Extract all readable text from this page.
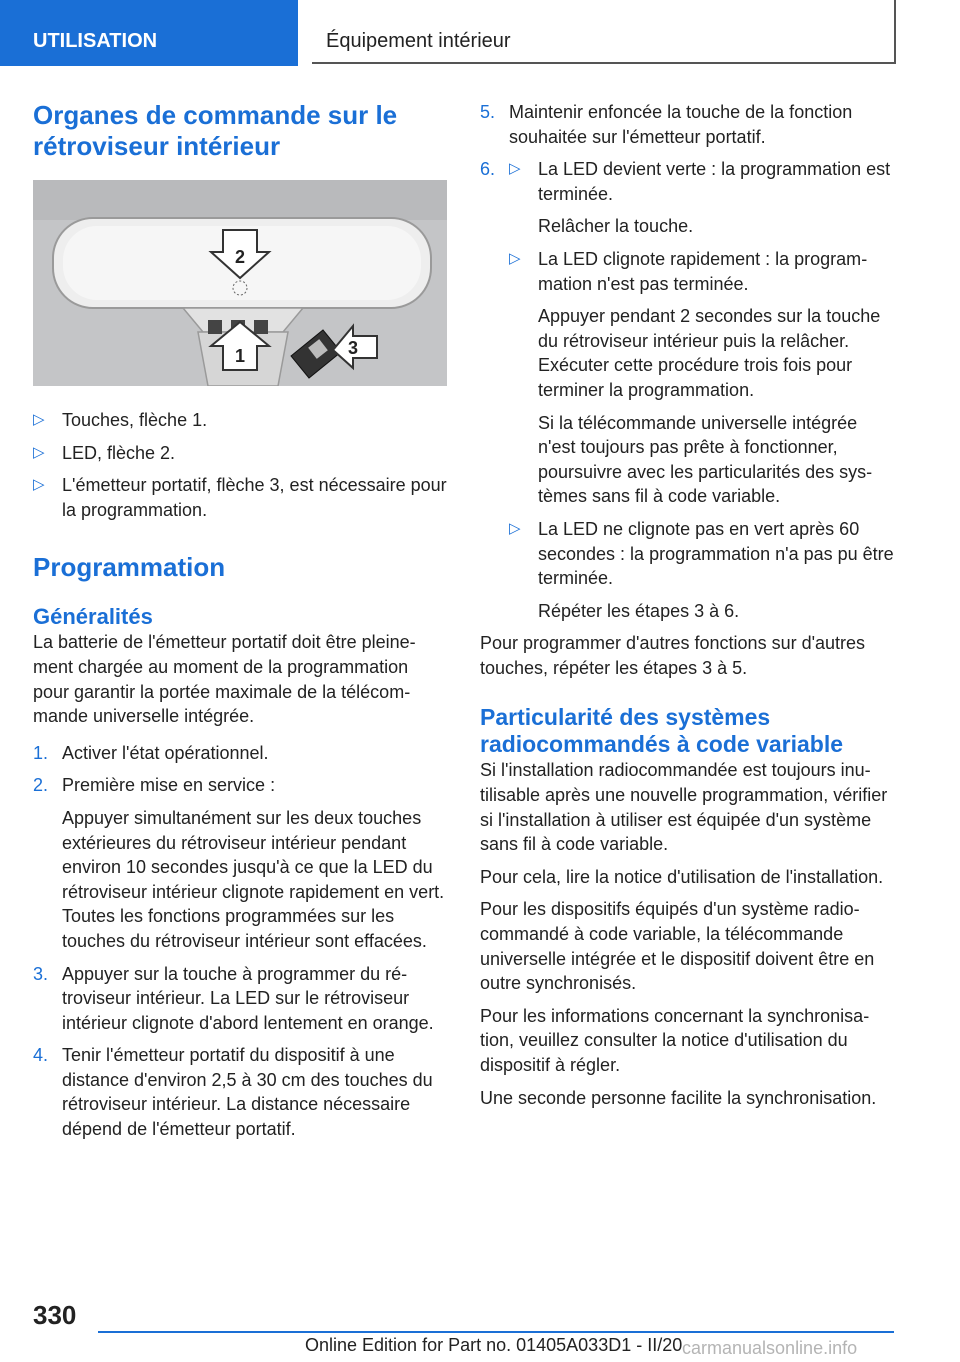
UTILISATION	Équipement intérieur
Organes de commande sur le rétroviseur intérieur
2
1	3
▷ Touches, flèche 1.
▷ LED, flèche 2.
▷ L'émetteur portatif, flèche 3, est nécessaire pour la programmation.
Programmation
Généralités

La batterie de l'émetteur portatif doit être pleinement chargée au moment de la programmation pour garantir la portée maximale de la télécommande universelle intégrée.

1. Activer l'état opérationnel.
2. Première mise en service :
Appuyer simultanément sur les deux touches extérieures du rétroviseur intérieur pendant environ 10 secondes jusqu'à ce que la LED du rétroviseur intérieur clignote rapidement en vert. Toutes les fonctions programmées sur les touches du rétroviseur intérieur sont effacées.
3. Appuyer sur la touche à programmer du rétroviseur intérieur. La LED sur le rétroviseur intérieur clignote d'abord lentement en orange.
4. Tenir l'émetteur portatif du dispositif à une distance d'environ 2,5 à 30 cm des touches du rétroviseur intérieur. La distance nécessaire dépend de l'émetteur portatif.
5. Maintenir enfoncée la touche de la fonction souhaitée sur l'émetteur portatif.
6. ▷ La LED devient verte : la programmation est terminée.
Relâcher la touche.
▷ La LED clignote rapidement : la programmation n'est pas terminée.
Appuyer pendant 2 secondes sur la touche du rétroviseur intérieur puis la relâcher. Exécuter cette procédure trois fois pour terminer la programmation.
Si la télécommande universelle intégrée n'est toujours pas prête à fonctionner, poursuivre avec les particularités des systèmes sans fil à code variable.
▷ La LED ne clignote pas en vert après 60 secondes : la programmation n'a pas pu être terminée.
Répéter les étapes 3 à 6.

Pour programmer d'autres fonctions sur d'autres touches, répéter les étapes 3 à 5.

Particularité des systèmes radiocommandés à code variable

Si l'installation radiocommandée est toujours inutilisable après une nouvelle programmation, vérifier si l'installation à utiliser est équipée d'un système sans fil à code variable.

Pour cela, lire la notice d'utilisation de l'installation.

Pour les dispositifs équipés d'un système radiocommandé à code variable, la télécommande universelle intégrée et le dispositif doivent être en outre synchronisés.

Pour les informations concernant la synchronisation, veuillez consulter la notice d'utilisation du dispositif à régler.

Une seconde personne facilite la synchronisation.

330
Online Edition for Part no. 01405A033D1 - II/20 carmanualsonline.info
